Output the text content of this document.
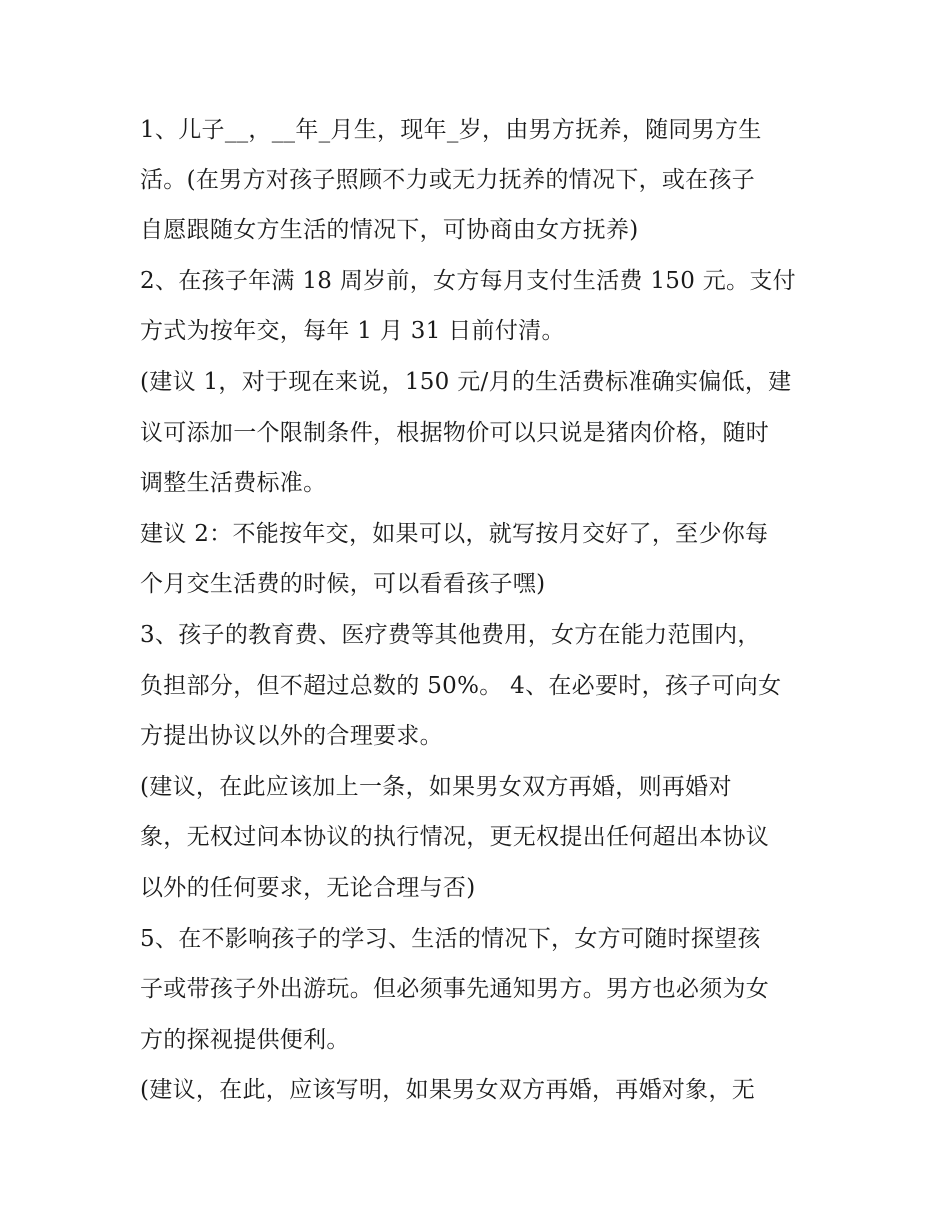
1、儿子__，__年_月生，现年_岁，由男方抚养，随同男方生
活。(在男方对孩子照顾不力或无力抚养的情况下，或在孩子
自愿跟随女方生活的情况下，可协商由女方抚养)
2、在孩子年满 18 周岁前，女方每月支付生活费 150 元。支付
方式为按年交，每年 1 月 31 日前付清。
(建议 1，对于现在来说，150 元/月的生活费标准确实偏低，建
议可添加一个限制条件，根据物价可以只说是猪肉价格，随时
调整生活费标准。
建议 2：不能按年交，如果可以，就写按月交好了，至少你每
个月交生活费的时候，可以看看孩子嘿)
3、孩子的教育费、医疗费等其他费用，女方在能力范围内，
负担部分，但不超过总数的 50%。 4、在必要时，孩子可向女
方提出协议以外的合理要求。
(建议，在此应该加上一条，如果男女双方再婚，则再婚对
象，无权过问本协议的执行情况，更无权提出任何超出本协议
以外的任何要求，无论合理与否)
5、在不影响孩子的学习、生活的情况下，女方可随时探望孩
子或带孩子外出游玩。但必须事先通知男方。男方也必须为女
方的探视提供便利。
(建议，在此，应该写明，如果男女双方再婚，再婚对象，无
